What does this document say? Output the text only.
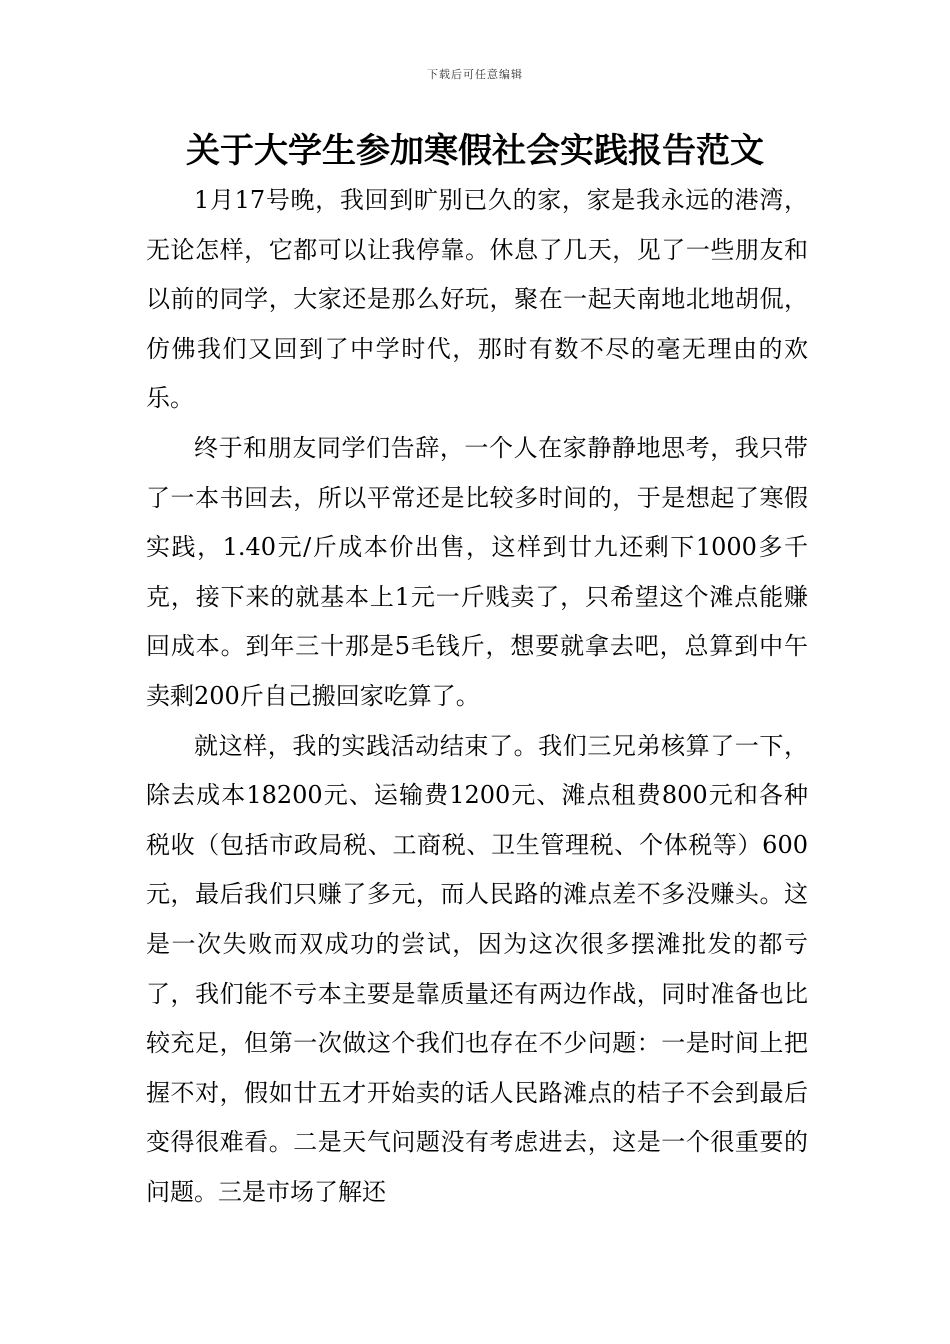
下载后可任意编辑
关于大学生参加寒假社会实践报告范文

1月17号晚，我回到旷别已久的家，家是我永远的港湾，无论怎样，它都可以让我停靠。休息了几天，见了一些朋友和以前的同学，大家还是那么好玩，聚在一起天南地北地胡侃，仿佛我们又回到了中学时代，那时有数不尽的毫无理由的欢乐。

终于和朋友同学们告辞，一个人在家静静地思考，我只带了一本书回去，所以平常还是比较多时间的，于是想起了寒假实践，1.40元/斤成本价出售，这样到廿九还剩下1000多千克，接下来的就基本上1元一斤贱卖了，只希望这个滩点能赚回成本。到年三十那是5毛钱斤，想要就拿去吧，总算到中午卖剩200斤自己搬回家吃算了。

就这样，我的实践活动结束了。我们三兄弟核算了一下，除去成本18200元、运输费1200元、滩点租费800元和各种税收（包括市政局税、工商税、卫生管理税、个体税等）600元，最后我们只赚了多元，而人民路的滩点差不多没赚头。这是一次失败而双成功的尝试，因为这次很多摆滩批发的都亏了，我们能不亏本主要是靠质量还有两边作战，同时准备也比较充足，但第一次做这个我们也存在不少问题：一是时间上把握不对，假如廿五才开始卖的话人民路滩点的桔子不会到最后变得很难看。二是天气问题没有考虑进去，这是一个很重要的问题。三是市场了解还
